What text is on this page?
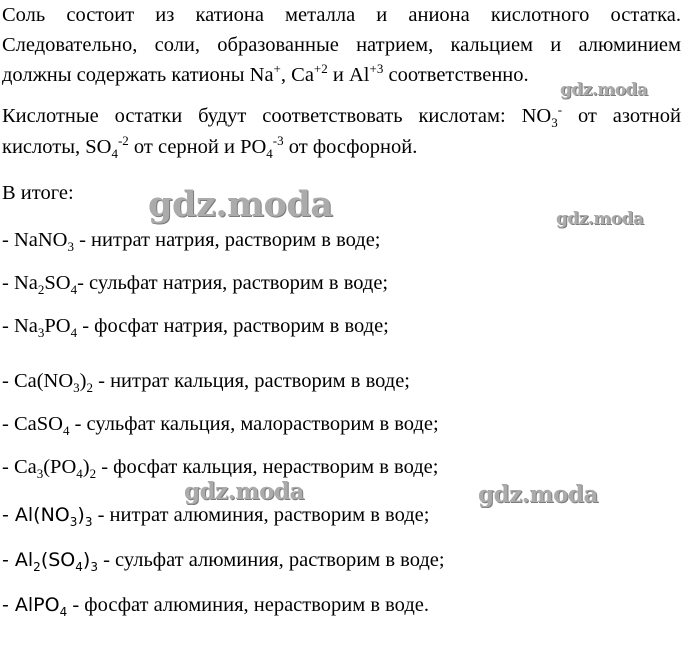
Соль состоит из катиона металла и аниона кислотного остатка.

Следовательно, соли, образованные натрием, кальцием и алюминием

должны содержать катионы Na+, $Ca^{+2}$ и $Al^{+3}$ соответственно.

Кислотные остатки будут соответствовать кислотам: $NO_3^-$ от азотной

кислоты, $SO_4^{-2}$ от серной и $PO_4^{-3}$ от фосфорной.

В итоге:

- NaNO$_3$ - нитрат натрия, растворим в воде;

- $Na_2SO_4-$ сульфат натрия, растворим в воде;

- $Na_3PO_4$ - фосфат натрия, растворим в воде;

- $Ca(NO_3)_2$ - нитрат кальция, растворим в воде;

- CaSO$_4$ - сульфат кальция, малорастворим в воде;

- $Ca_3(PO_4)_2$ - фосфат кальция, нерастворим в воде;

- $Al(NO_3)_3$ - нитрат алюминия, растворим в воде;

- $Al_2(SO_4)_3$ - сульфат алюминия, растворим в воде;

- AlPO$_4$ - фосфат алюминия, нерастворим в воде.

gdz.moda
gdz.moda	gdz.moda
gdz.moda	gdz.moda
